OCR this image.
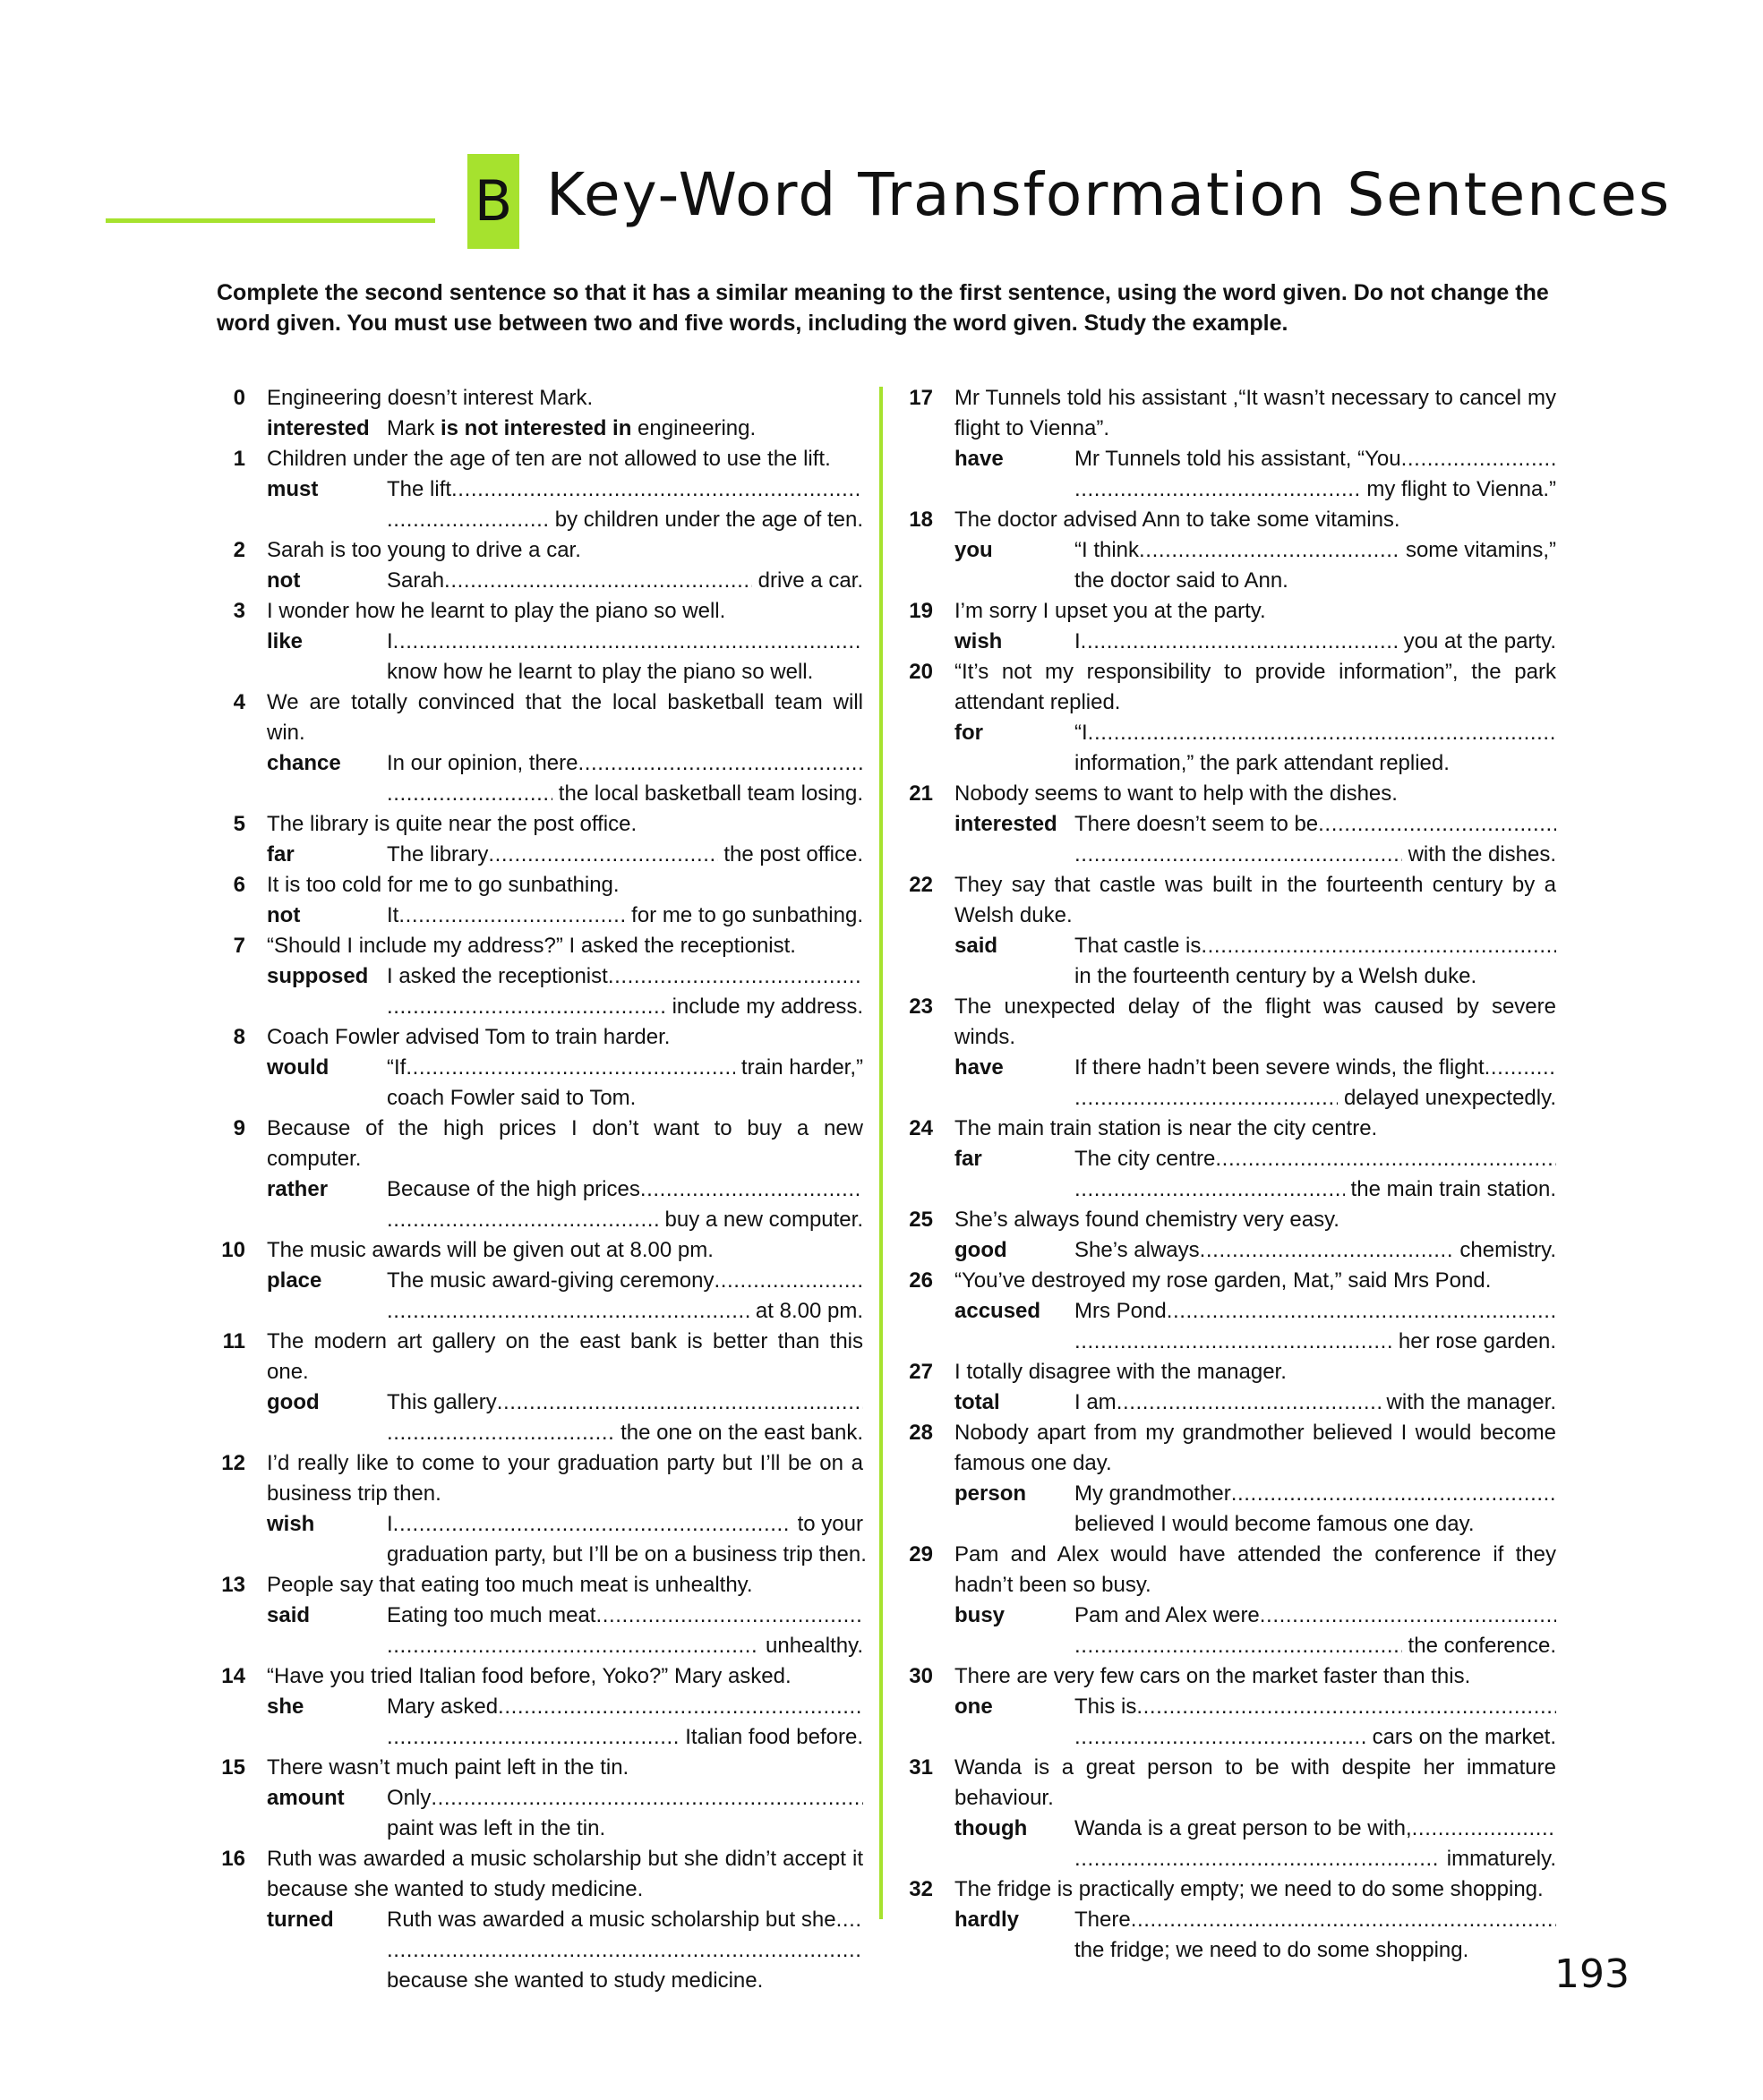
B Key-Word Transformation Sentences

Complete the second sentence so that it has a similar meaning to the first sentence, using the word given. Do not change the word given. You must use between two and five words, including the word given. Study the example.

0 Engineering doesn’t interest Mark.
interested Mark is not interested in engineering.
1 Children under the age of ten are not allowed to use the lift.
must	The lift
.....
.....
by children under the age of ten.
2 Sarah is too young to drive a car.
not	Sarah .....	drive a car.
3 I wonder how he learnt to play the piano so well.
like	I
.....
know how he learnt to play the piano so well.
4 We are totally convinced that the local basketball team will win.
chance In our opinion, there
.....
.....
the local basketball team losing.
5 The library is quite near the post office.
far	The library .....	the post office.
6 It is too cold for me to go sunbathing.
not	It .....	for me to go sunbathing.
7 “Should I include my address?” I asked the receptionist.
supposed I asked the receptionist
.....
.....
include my address.
8 Coach Fowler advised Tom to train harder.
would	“If .....	train harder,”
coach Fowler said to Tom.
9 Because of the high prices I don’t want to buy a new computer.
rather	Because of the high prices
.....
.....
buy a new computer.
10 The music awards will be given out at 8.00 pm.
place	The music award-giving ceremony
.....
.....
at 8.00 pm.
11 The modern art gallery on the east bank is better than this one.
good	This gallery
.....
.....
the one on the east bank.
12 I’d really like to come to your graduation party but I’ll be on a business trip then.
wish	I .....	to your
graduation party, but I’ll be on a business trip then.
13 People say that eating too much meat is unhealthy.
said	Eating too much meat
.....
.....
unhealthy.
14 “Have you tried Italian food before, Yoko?” Mary asked.
she	Mary asked
.....
.....
Italian food before.
15 There wasn’t much paint left in the tin.
amount Only
.....
paint was left in the tin.
16 Ruth was awarded a music scholarship but she didn’t accept it because she wanted to study medicine.
turned Ruth was awarded a music scholarship but she
.....
.....
because she wanted to study medicine.
17 Mr Tunnels told his assistant ,“It wasn’t necessary to cancel my flight to Vienna”.
have	Mr Tunnels told his assistant, “You
.....
.....
my flight to Vienna.”
18 The doctor advised Ann to take some vitamins.
you	“I think .....	some vitamins,”
the doctor said to Ann.
19 I’m sorry I upset you at the party.
wish	I .....	you at the party.
20 “It’s not my responsibility to provide information”, the park attendant replied.
for	“I
.....
information,” the park attendant replied.
21 Nobody seems to want to help with the dishes.
interested There doesn’t seem to be
.....
.....
with the dishes.
22 They say that castle was built in the fourteenth century by a Welsh duke.
said	That castle is
.....
in the fourteenth century by a Welsh duke.
23 The unexpected delay of the flight was caused by severe winds.
have	If there hadn’t been severe winds, the flight
.....
.....
delayed unexpectedly.
24 The main train station is near the city centre.
far	The city centre
.....
.....
the main train station.
25 She’s always found chemistry very easy.
good	She’s always .....	chemistry.
26 “You’ve destroyed my rose garden, Mat,” said Mrs Pond.
accused Mrs Pond
.....
.....
her rose garden.
27 I totally disagree with the manager.
total	I am .....	with the manager.
28 Nobody apart from my grandmother believed I would become famous one day.
person My grandmother
.....
believed I would become famous one day.
29 Pam and Alex would have attended the conference if they hadn’t been so busy.
busy	Pam and Alex were
.....
.....
the conference.
30 There are very few cars on the market faster than this.
one	This is
.....
.....
cars on the market.
31 Wanda is a great person to be with despite her immature behaviour.
though Wanda is a great person to be with,
.....
.....
immaturely.
32 The fridge is practically empty; we need to do some shopping.
hardly	There
.....
the fridge; we need to do some shopping.
193
